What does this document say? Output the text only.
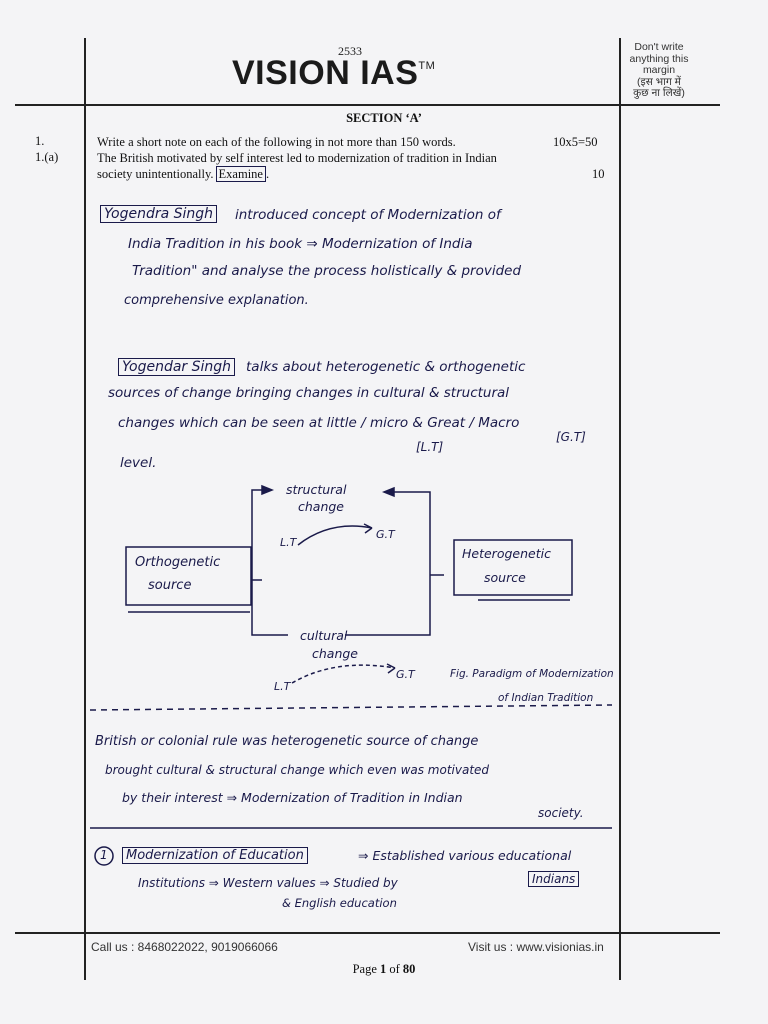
2533
VISION IAS™
Don't write
anything this
margin
(इस भाग में
कुछ ना लिखें)
SECTION ‘A’
1.
1.(a)
Write a short note on each of the following in not more than 150 words.	10x5=50
The British motivated by self interest led to modernization of tradition in Indian
society unintentionally. Examine .	10
Yogendra Singh introduced concept of Modernization of
India Tradition in his book ⇒ Modernization of India
Tradition" and analyse the process holistically & provided
comprehensive explanation.
Yogendar Singh talks about heterogenetic & orthogenetic
sources of change bringing changes in cultural & structural
changes which can be seen at little / micro & Great / Macro
[L.T]
[G.T]
level.
Orthogenetic
source
Heterogenetic
source
structural
change
L.T
G.T
cultural
change
L.T
G.T	Fig. Paradigm of Modernization
of Indian Tradition
British or colonial rule was heterogenetic source of change
brought cultural & structural change which even was motivated
by their interest ⇒ Modernization of Tradition in Indian
society.
1	Modernization of Education	⇒ Established various educational
Institutions ⇒ Western values ⇒ Studied by	Indians
& English education
Call us : 8468022022, 9019066066	Visit us : www.visionias.in
Page 1 of 80
